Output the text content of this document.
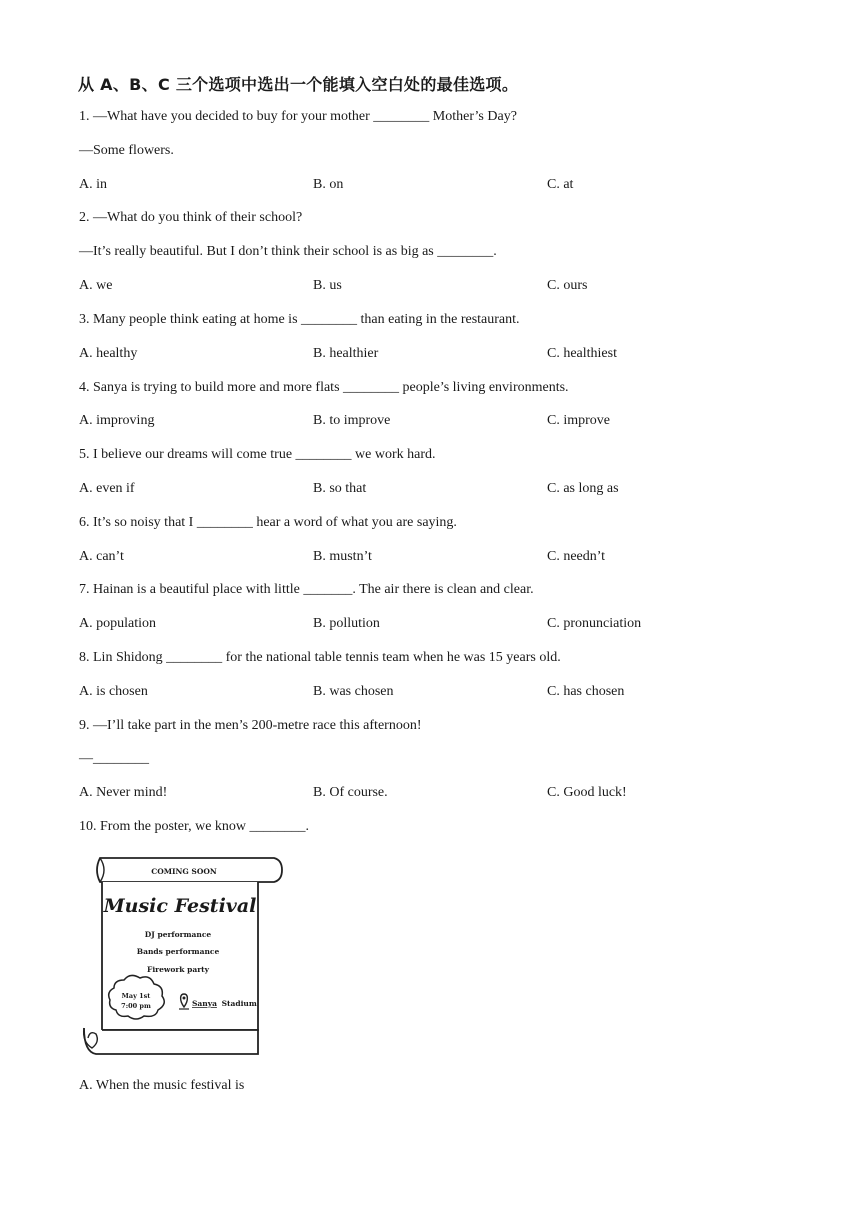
从 A、B、C 三个选项中选出一个能填入空白处的最佳选项。
1. —What have you decided to buy for your mother ________ Mother’s Day?
—Some flowers.
A. in	B. on	C. at
2. —What do you think of their school?
—It’s really beautiful. But I don’t think their school is as big as ________.
A. we	B. us	C. ours
3. Many people think eating at home is ________ than eating in the restaurant.
A. healthy	B. healthier	C. healthiest
4. Sanya is trying to build more and more flats ________ people’s living environments.
A. improving	B. to improve	C. improve
5. I believe our dreams will come true ________ we work hard.
A. even if	B. so that	C. as long as
6. It’s so noisy that I ________ hear a word of what you are saying.
A. can’t	B. mustn’t	C. needn’t
7. Hainan is a beautiful place with little _______. The air there is clean and clear.
A. population	B. pollution	C. pronunciation
8. Lin Shidong ________ for the national table tennis team when he was 15 years old.
A. is chosen	B. was chosen	C. has chosen
9. —I’ll take part in the men’s 200-metre race this afternoon!
—________
A. Never mind!	B. Of course.	C. Good luck!
10. From the poster, we know ________.
COMING SOON
Music Festival
DJ performance
Bands performance
Firework party
May 1st
7:00 pm	Sanya Stadium
A. When the music festival is
